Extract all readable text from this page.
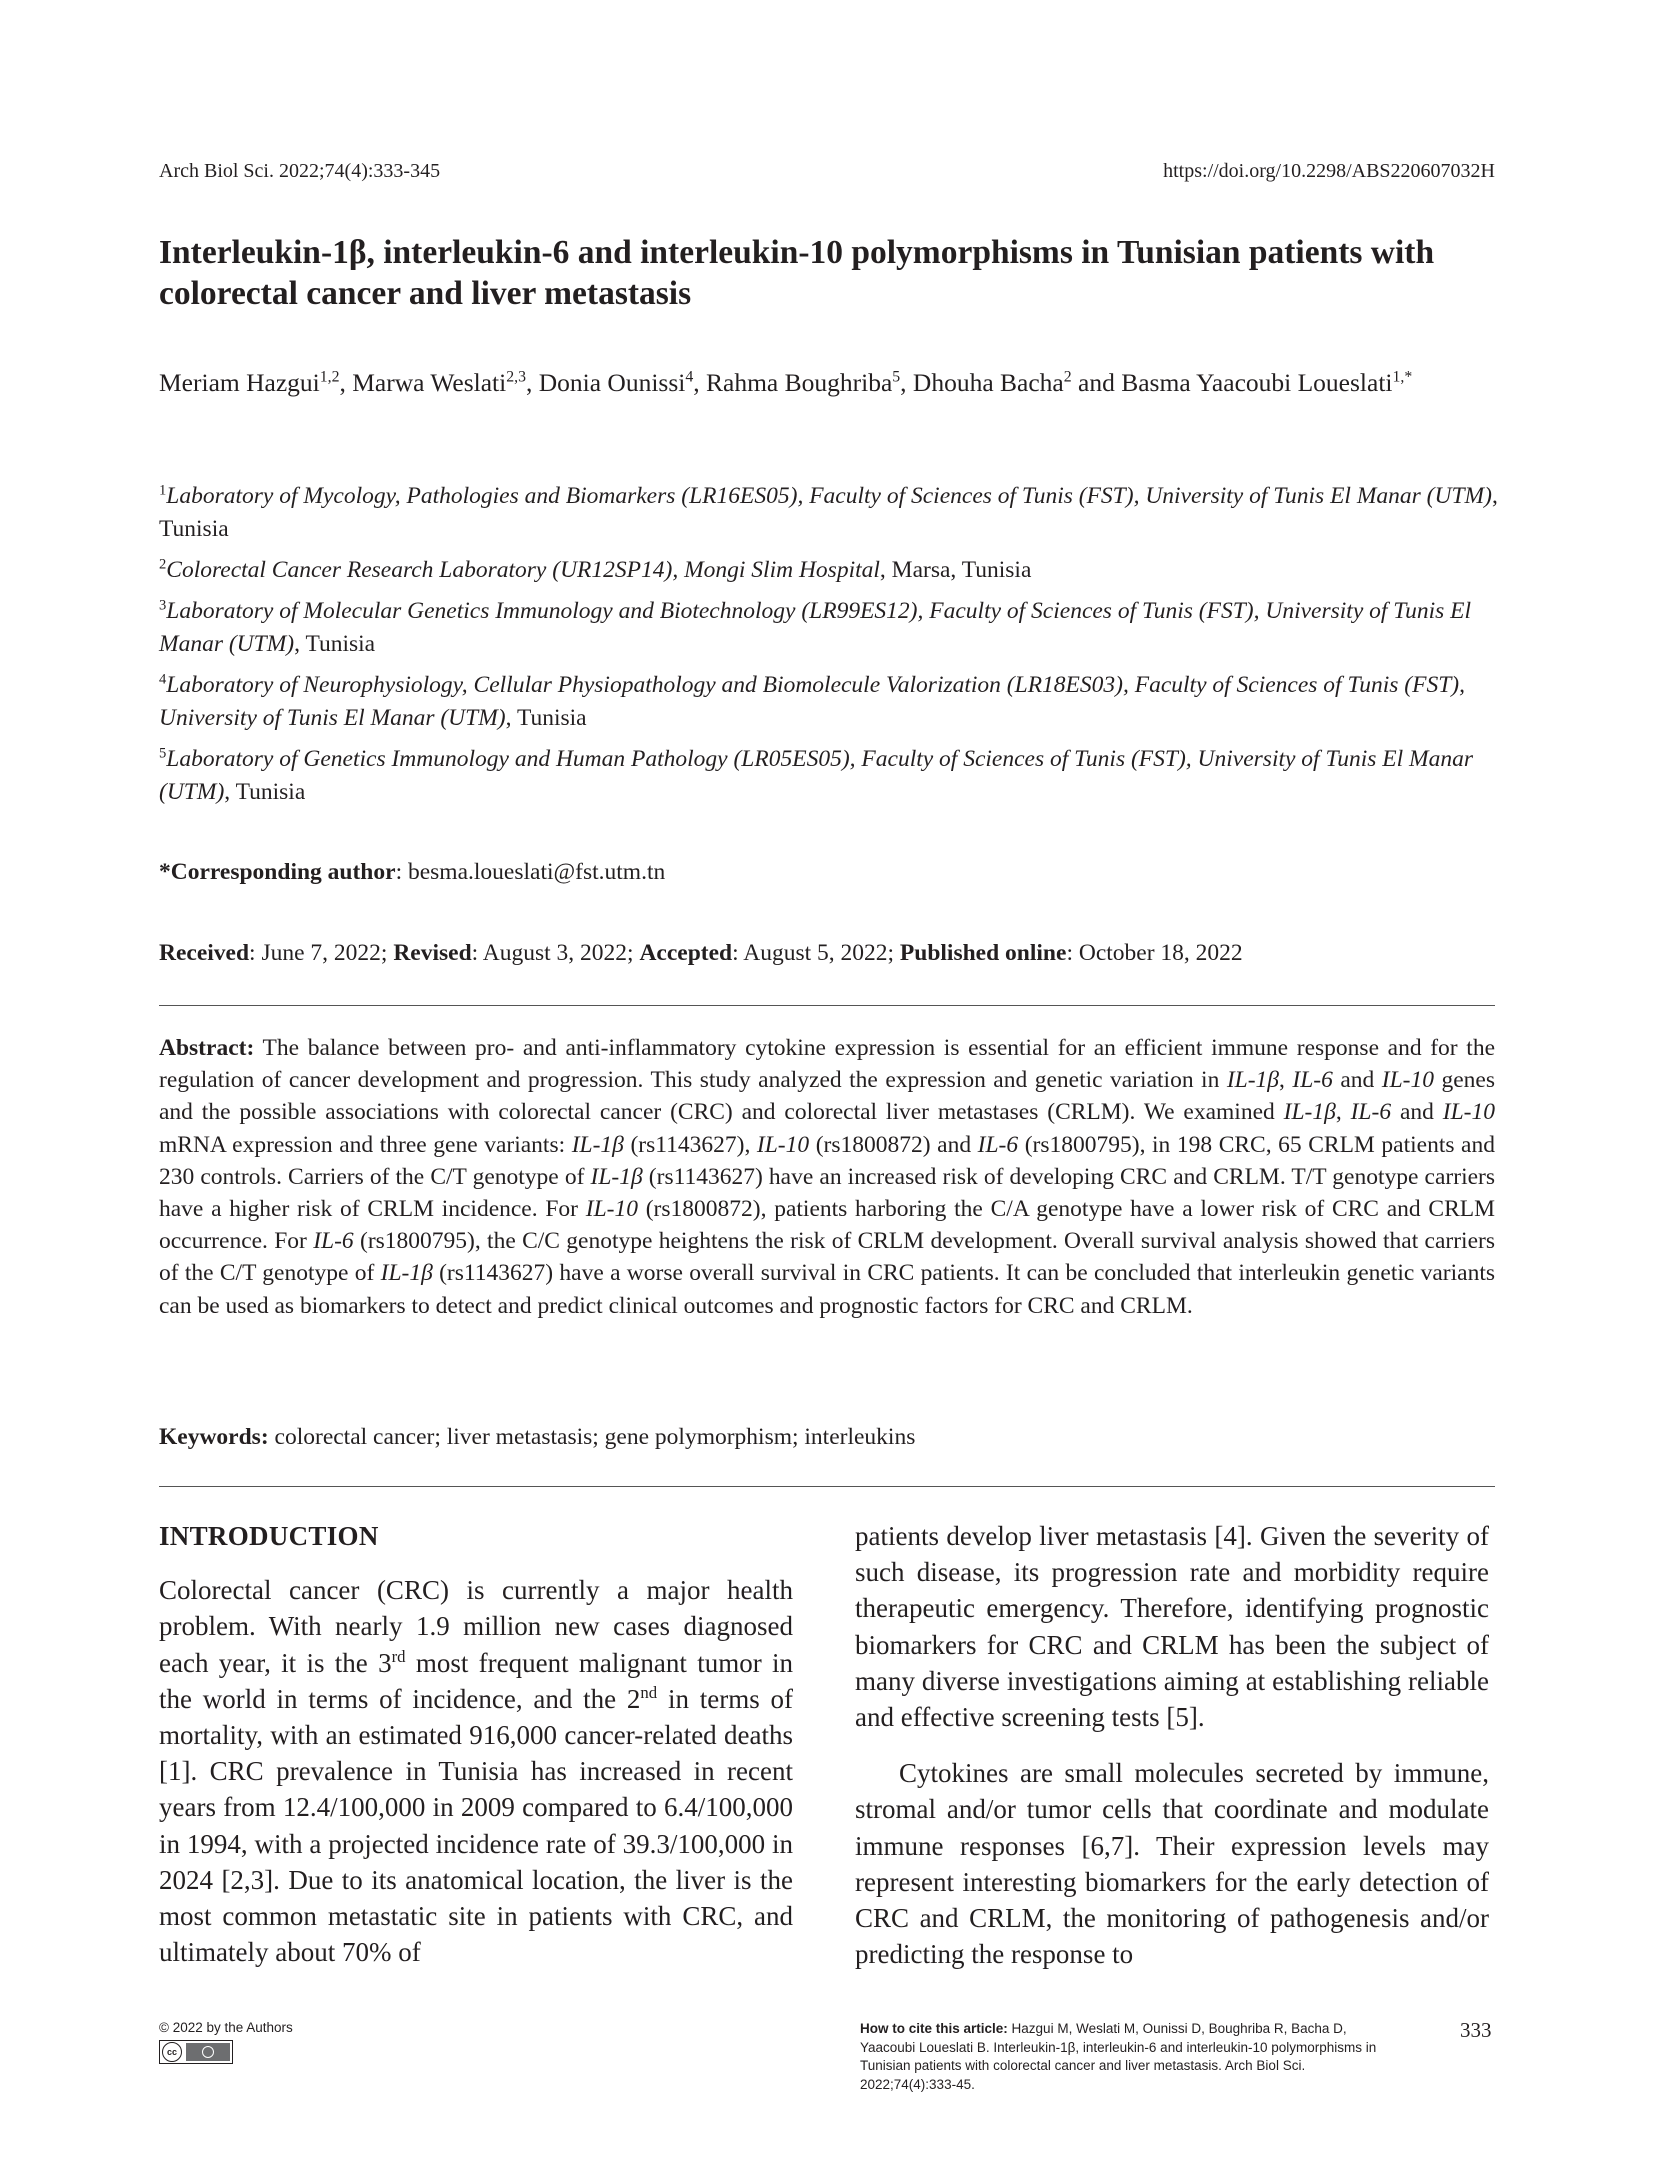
Arch Biol Sci. 2022;74(4):333-345	https://doi.org/10.2298/ABS220607032H
Interleukin-1β, interleukin-6 and interleukin-10 polymorphisms in Tunisian patients with colorectal cancer and liver metastasis
Meriam Hazgui$^{1,2}$, Marwa Weslati$^{2,3}$, Donia Ounissi$^4$, Rahma Boughriba$^5$, Dhouha Bacha$^2$ and Basma Yaacoubi Loueslati$^{1,*}$
$^1$Laboratory of Mycology, Pathologies and Biomarkers (LR16ES05), Faculty of Sciences of Tunis (FST), University of Tunis El Manar (UTM), Tunisia
$^2$Colorectal Cancer Research Laboratory (UR12SP14), Mongi Slim Hospital, Marsa, Tunisia
$^3$Laboratory of Molecular Genetics Immunology and Biotechnology (LR99ES12), Faculty of Sciences of Tunis (FST), University of Tunis El Manar (UTM), Tunisia
$^4$Laboratory of Neurophysiology, Cellular Physiopathology and Biomolecule Valorization (LR18ES03), Faculty of Sciences of Tunis (FST), University of Tunis El Manar (UTM), Tunisia
$^5$Laboratory of Genetics Immunology and Human Pathology (LR05ES05), Faculty of Sciences of Tunis (FST), University of Tunis El Manar (UTM), Tunisia
*Corresponding author: besma.loueslati@fst.utm.tn
Received: June 7, 2022; Revised: August 3, 2022; Accepted: August 5, 2022; Published online: October 18, 2022
Abstract: The balance between pro- and anti-inflammatory cytokine expression is essential for an efficient immune response and for the regulation of cancer development and progression. This study analyzed the expression and genetic variation in IL-1β, IL-6 and IL-10 genes and the possible associations with colorectal cancer (CRC) and colorectal liver metastases (CRLM). We examined IL-1β, IL-6 and IL-10 mRNA expression and three gene variants: IL-1β (rs1143627), IL-10 (rs1800872) and IL-6 (rs1800795), in 198 CRC, 65 CRLM patients and 230 controls. Carriers of the C/T genotype of IL-1β (rs1143627) have an increased risk of developing CRC and CRLM. T/T genotype carriers have a higher risk of CRLM incidence. For IL-10 (rs1800872), patients harboring the C/A genotype have a lower risk of CRC and CRLM occurrence. For IL-6 (rs1800795), the C/C genotype heightens the risk of CRLM development. Overall survival analysis showed that carriers of the C/T genotype of IL-1β (rs1143627) have a worse overall survival in CRC patients. It can be concluded that interleukin genetic variants can be used as biomarkers to detect and predict clinical outcomes and prognostic factors for CRC and CRLM.
Keywords: colorectal cancer; liver metastasis; gene polymorphism; interleukins
INTRODUCTION

Colorectal cancer (CRC) is currently a major health problem. With nearly 1.9 million new cases diagnosed each year, it is the 3rd most frequent malignant tumor in the world in terms of incidence, and the 2nd in terms of mortality, with an estimated 916,000 cancer-related deaths [1]. CRC prevalence in Tunisia has increased in recent years from 12.4/100,000 in 2009 compared to 6.4/100,000 in 1994, with a projected incidence rate of 39.3/100,000 in 2024 [2,3]. Due to its anatomical location, the liver is the most common metastatic site in patients with CRC, and ultimately about 70% of

patients develop liver metastasis [4]. Given the severity of such disease, its progression rate and morbidity require therapeutic emergency. Therefore, identifying prognostic biomarkers for CRC and CRLM has been the subject of many diverse investigations aiming at establishing reliable and effective screening tests [5].

Cytokines are small molecules secreted by immune, stromal and/or tumor cells that coordinate and modulate immune responses [6,7]. Their expression levels may represent interesting biomarkers for the early detection of CRC and CRLM, the monitoring of pathogenesis and/or predicting the response to

© 2022 by the Authors
cc
How to cite this article: Hazgui M, Weslati M, Ounissi D, Boughriba R, Bacha D, Yaacoubi Loueslati B. Interleukin-1β, interleukin-6 and interleukin-10 polymorphisms in Tunisian patients with colorectal cancer and liver metastasis. Arch Biol Sci. 2022;74(4):333-45.
333
